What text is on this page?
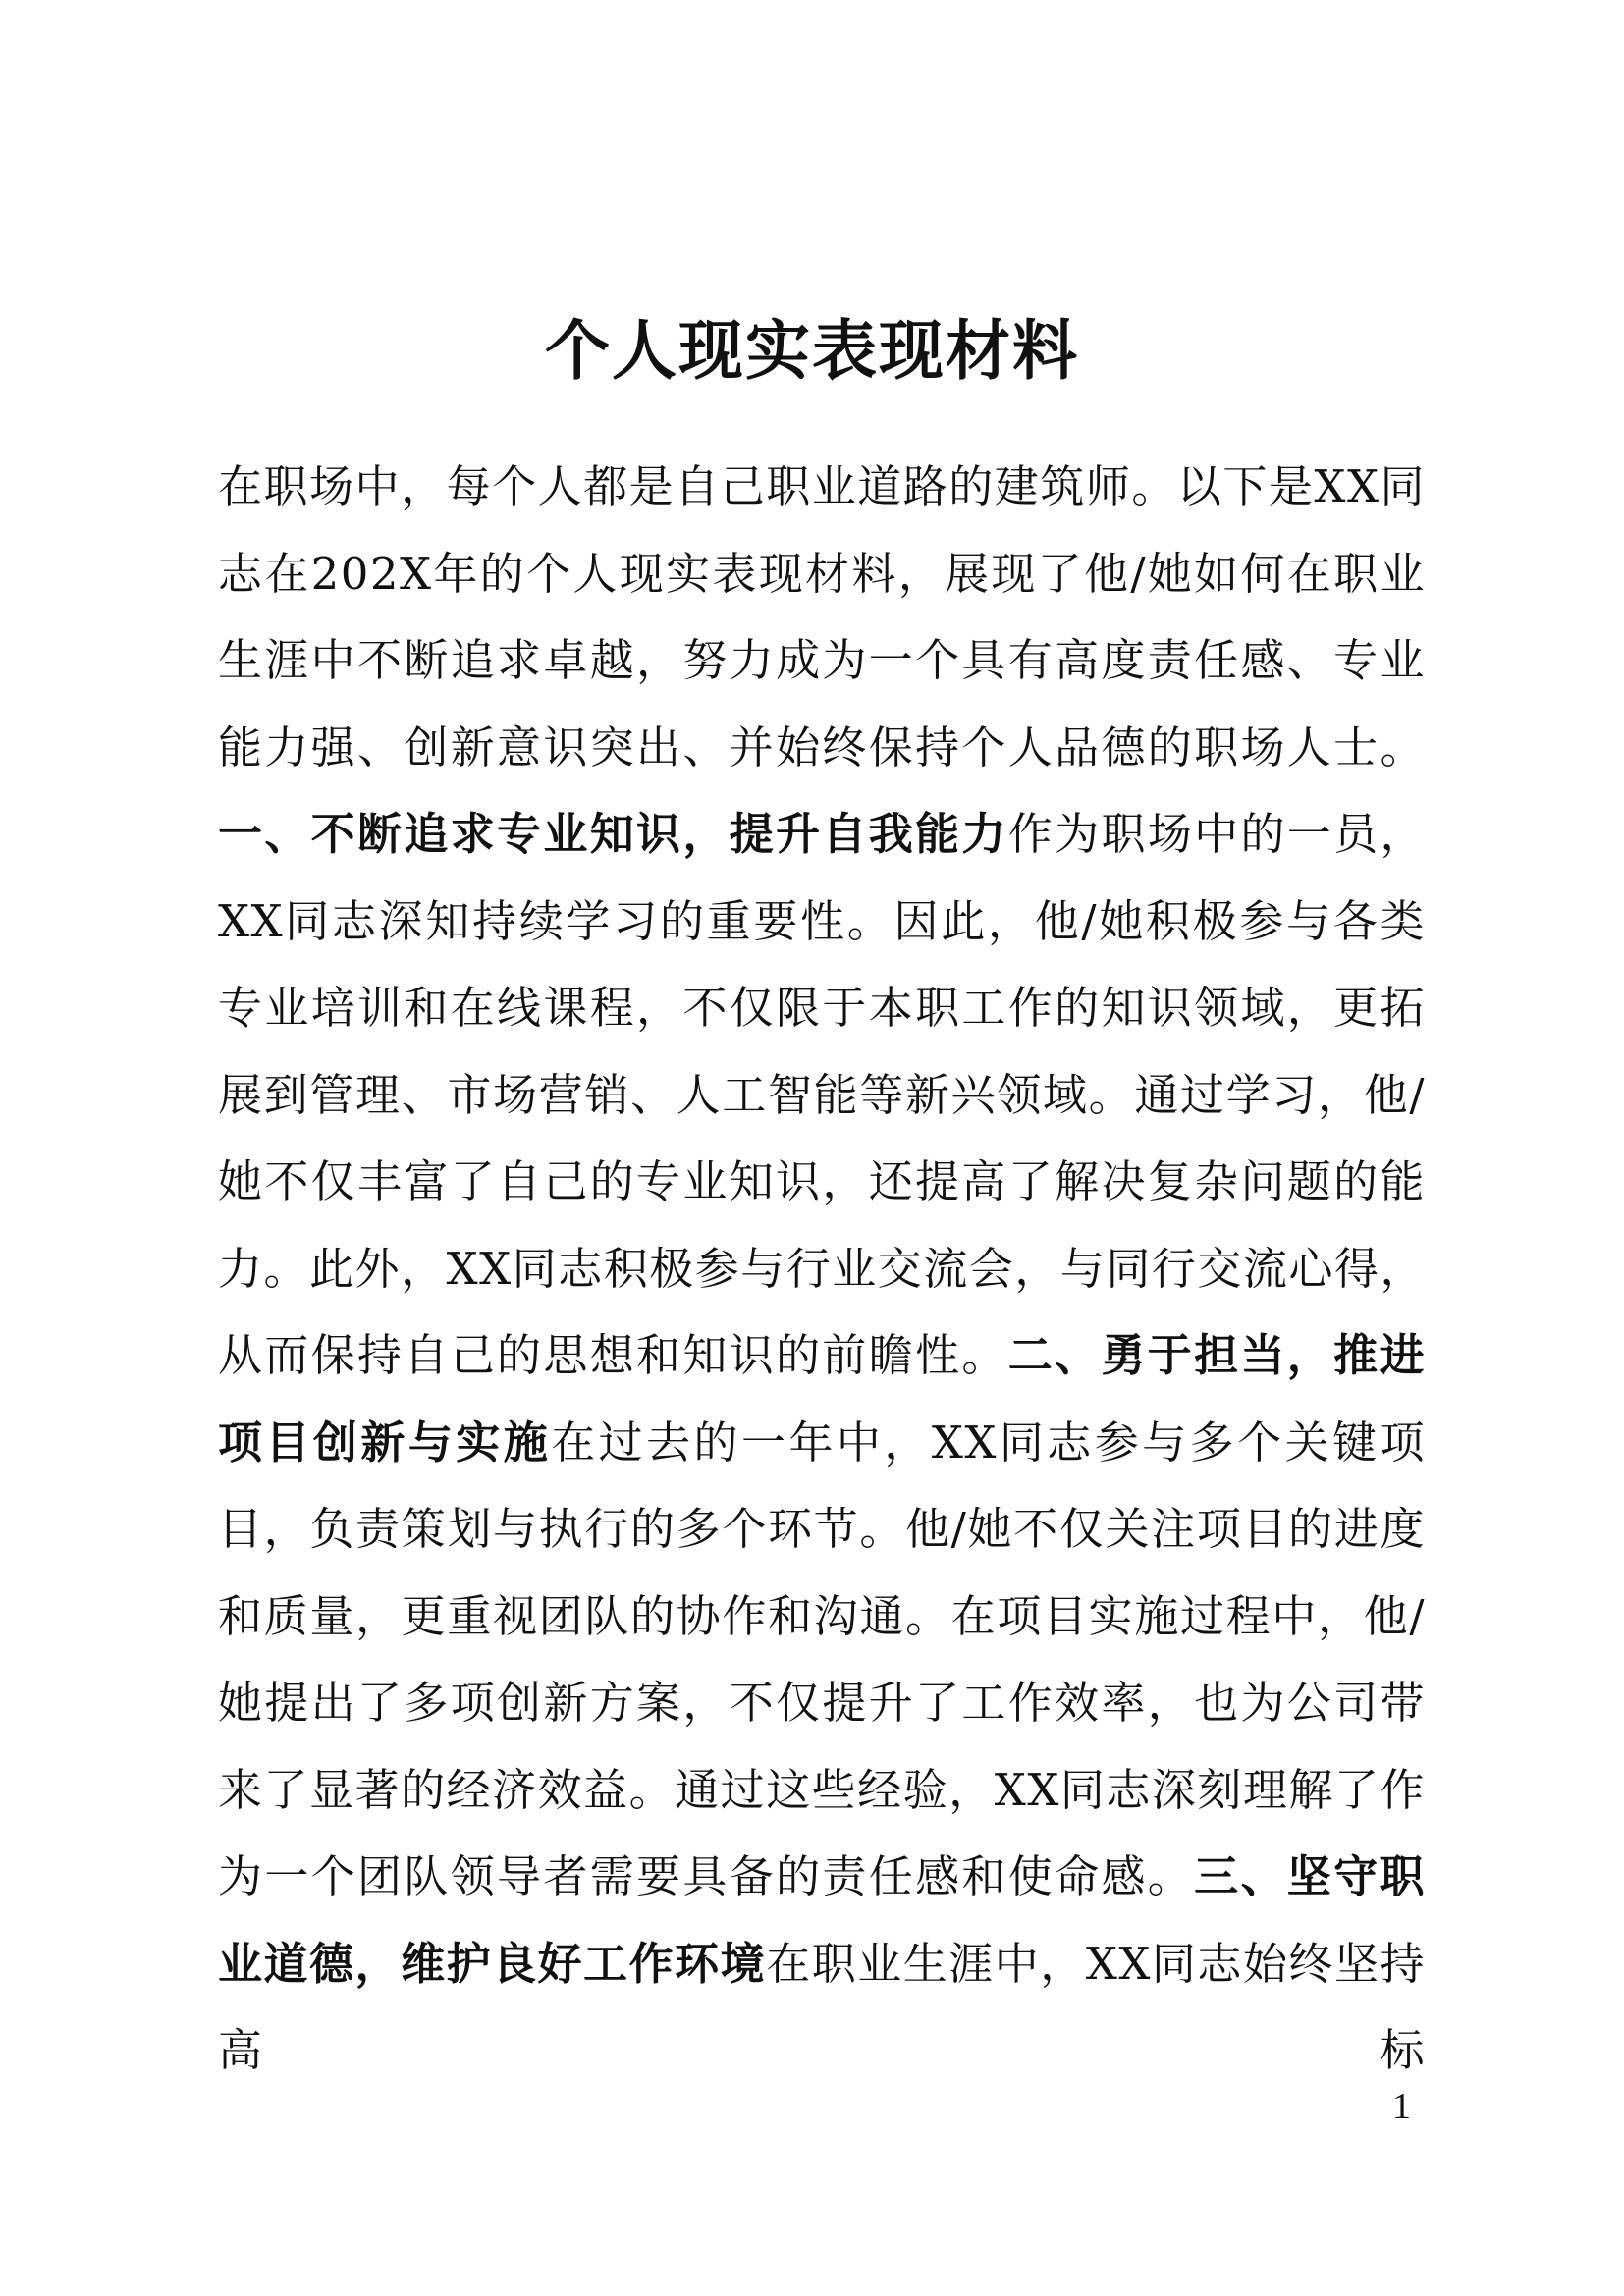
个人现实表现材料

在职场中，每个人都是自己职业道路的建筑师。以下是XX同志在202X年的个人现实表现材料，展现了他/她如何在职业生涯中不断追求卓越，努力成为一个具有高度责任感、专业能力强、创新意识突出、并始终保持个人品德的职场人士。一、不断追求专业知识，提升自我能力作为职场中的一员，XX同志深知持续学习的重要性。因此，他/她积极参与各类专业培训和在线课程，不仅限于本职工作的知识领域，更拓展到管理、市场营销、人工智能等新兴领域。通过学习，他/她不仅丰富了自己的专业知识，还提高了解决复杂问题的能力。此外，XX同志积极参与行业交流会，与同行交流心得，从而保持自己的思想和知识的前瞻性。二、勇于担当，推进项目创新与实施在过去的一年中，XX同志参与多个关键项目，负责策划与执行的多个环节。他/她不仅关注项目的进度和质量，更重视团队的协作和沟通。在项目实施过程中，他/她提出了多项创新方案，不仅提升了工作效率，也为公司带来了显著的经济效益。通过这些经验，XX同志深刻理解了作为一个团队领导者需要具备的责任感和使命感。三、坚守职业道德，维护良好工作环境在职业生涯中，XX同志始终坚持高标

1
